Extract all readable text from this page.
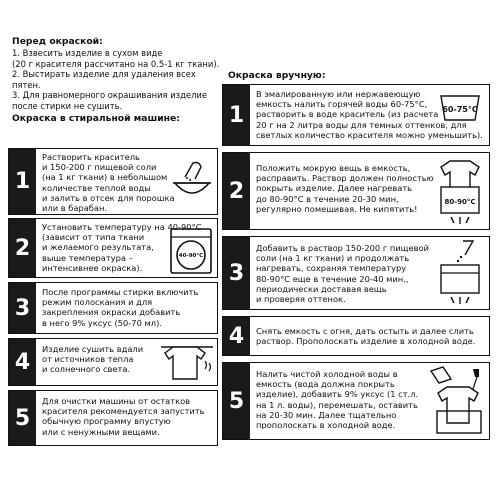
Перед окраской:
1. Взвесить изделие в сухом виде
(20 г красителя рассчитано на 0.5-1 кг ткани).
2. Выстирать изделие для удаления всех
пятен.
3. Для равномерного окрашивания изделие
после стирки не сушить.
Окраска в стиральной машине:
1
Растворить краситель
и 150-200 г пищевой соли
(на 1 кг ткани) в небольшом
количестве теплой воды
и залить в отсек для порошка
или в барабан.
2
Установить температуру на 40-90°С
(зависит от типа ткани
и желаемого результата,
выше температура –
интенсивнее окраска).
40-90°C
3
После программы стирки включить
режим полоскания и для
закрепления окраски добавить
в него 9% уксус (50-70 мл).
4
Изделие сушить вдали
от источников тепла
и солнечного света.
5
Для очистки машины от остатков
красителя рекомендуется запустить
обычную программу впустую
или с ненужными вещами.
Окраска вручную:
1
В эмалированную или нержавеющую
емкость налить горячей воды 60-75°С,
растворить в воде краситель (из расчета
20 г на 2 литра воды для темных оттенков, для
светлых количество красителя можно уменьшить).
60-75°C
2
Положить мокрую вещь в емкость,
расправить. Раствор должен полностью
покрыть изделие. Далее нагревать
до 80-90°С в течение 20-30 мин,
регулярно помешивая. Не кипятить!
80-90°C
3
Добавить в раствор 150-200 г пищевой
соли (на 1 кг ткани) и продолжать
нагревать, сохраняя температуру
80-90°С еще в течение 20-40 мин.,
периодически доставая вещь
и проверяя оттенок.
4	Снять емкость с огня, дать остыть и далее слить
раствор. Прополоскать изделие в холодной воде.
5
Налить чистой холодной воды в
емкость (вода должна покрыть
изделие), добавить 9% уксус (1 ст.л.
на 1 л. воды), перемешать, оставить
на 20-30 мин. Далее тщательно
прополоскать в холодной воде.
